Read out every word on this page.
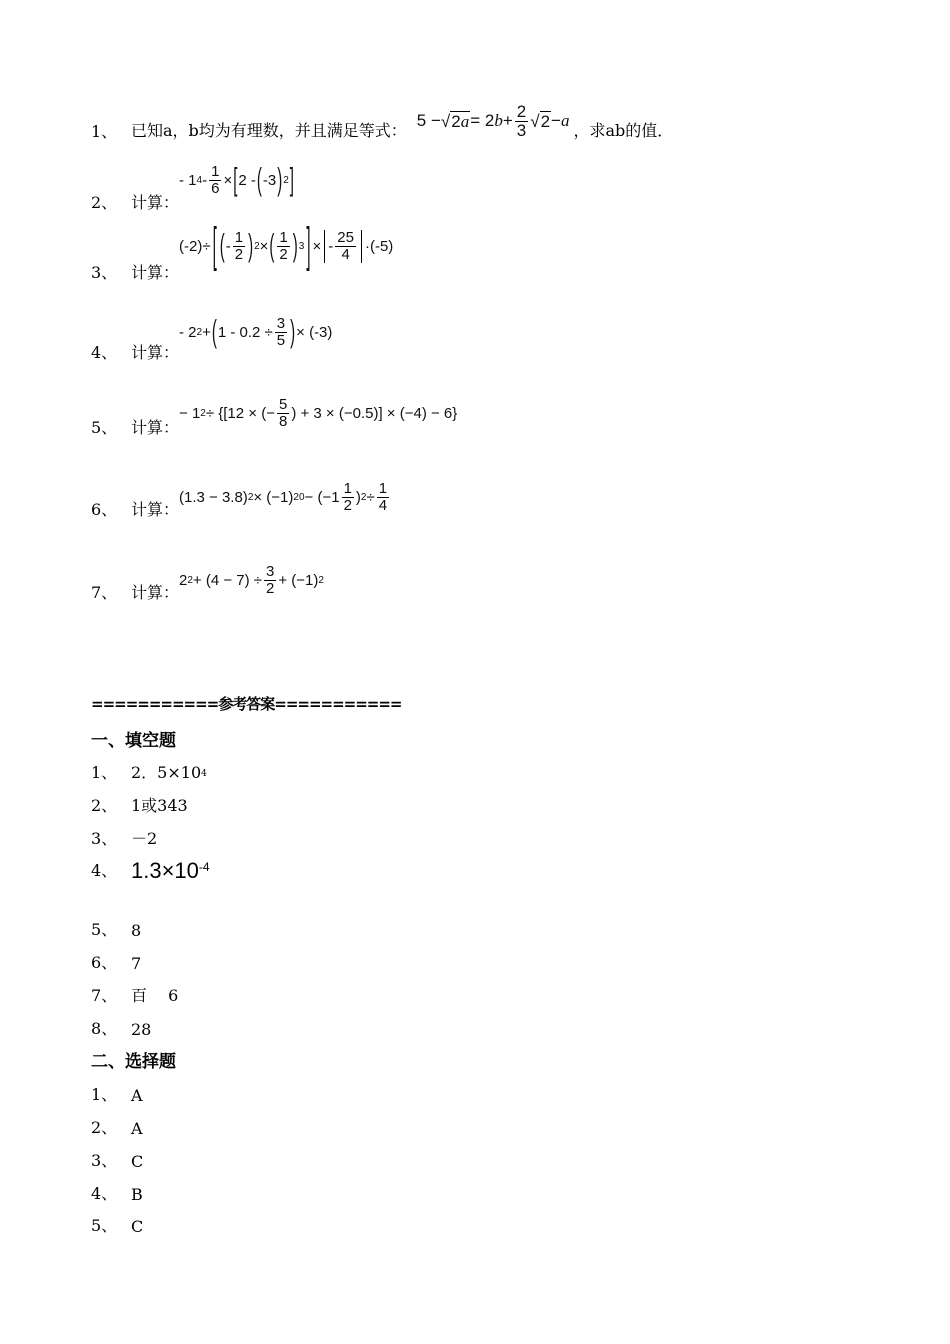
1、 已知a，b均为有理数，并且满足等式： 5 − √ 2a = 2 $b + \frac{2}{3}$ √ 2 − a ，求ab的值．
2、 计算：
- 1 $4 - \frac{1}{6}$ × [ 2 - ( -3 ) 2 ]
3、 计算：
(-2)÷ [ ( - $\frac{1}{2}$ ) 2 × ( $\frac{1}{2}$ ) 3 ] × - $\frac{25}{4} \cdot(-5)$
4、 计算：
- 2 2 + ( $1 - 0.2 \div \frac{3}{5}$ ) × (-3)
5、 计算：
− 1 2 ÷ {[12 × (− $\frac{5}{8}$ ) + 3 × (−0.5)] × (−4) − 6}
6、 计算：
(1.3 − 3.8) 2 × (−1) $20 - (-1 \frac{1}{2}$ ) $2 \div \frac{1}{4}$
7、 计算：
2 $2 + (4 - 7) \div \frac{3}{2} + (-1)$ 2
===========参考答案===========
一、填空题
1、 2．$5\times 10^4$
2、 1或343
3、 －2
4、 $1.3\times 10^{-4}$
5、 8
6、 7
7、 百　 6
8、 28
二、选择题
1、 A
2、 A
3、 C
4、 B
5、 C
